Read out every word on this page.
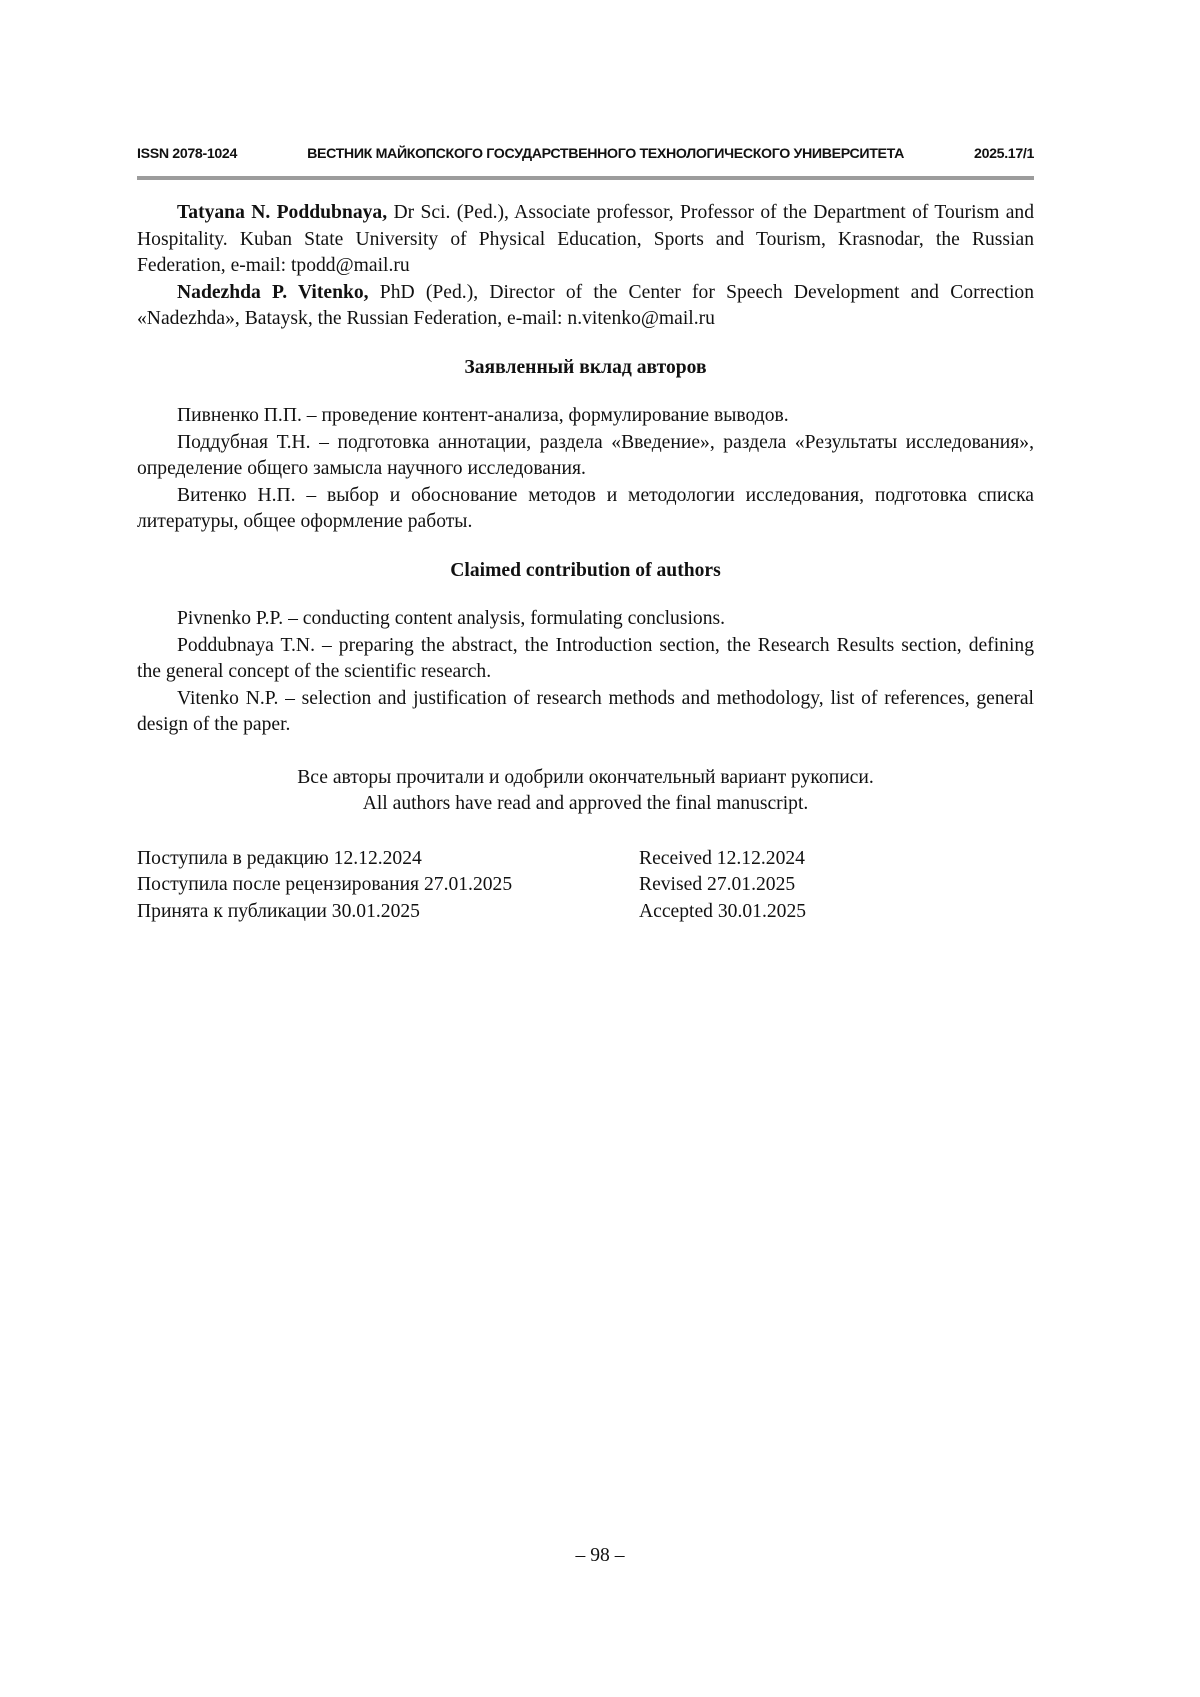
ISSN 2078-1024	ВЕСТНИК МАЙКОПСКОГО ГОСУДАРСТВЕННОГО ТЕХНОЛОГИЧЕСКОГО УНИВЕРСИТЕТА	2025.17/1

Tatyana N. Poddubnaya, Dr Sci. (Ped.), Associate professor, Professor of the Department of Tourism and Hospitality. Kuban State University of Physical Education, Sports and Tourism, Krasnodar, the Russian Federation, e-mail: tpodd@mail.ru

Nadezhda P. Vitenko, PhD (Ped.), Director of the Center for Speech Development and Correction «Nadezhda», Bataysk, the Russian Federation, e-mail: n.vitenko@mail.ru

Заявленный вклад авторов

Пивненко П.П. – проведение контент-анализа, формулирование выводов.

Поддубная Т.Н. – подготовка аннотации, раздела «Введение», раздела «Результаты исследования», определение общего замысла научного исследования.

Витенко Н.П. – выбор и обоснование методов и методологии исследования, подготовка списка литературы, общее оформление работы.

Claimed contribution of authors

Pivnenko P.P. – conducting content analysis, formulating conclusions.

Poddubnaya T.N. – preparing the abstract, the Introduction section, the Research Results section, defining the general concept of the scientific research.

Vitenko N.P. – selection and justification of research methods and methodology, list of references, general design of the paper.

Все авторы прочитали и одобрили окончательный вариант рукописи.
All authors have read and approved the final manuscript.
Поступила в редакцию 12.12.2024
Поступила после рецензирования 27.01.2025
Принята к публикации 30.01.2025
Received 12.12.2024
Revised 27.01.2025
Accepted 30.01.2025
– 98 –
